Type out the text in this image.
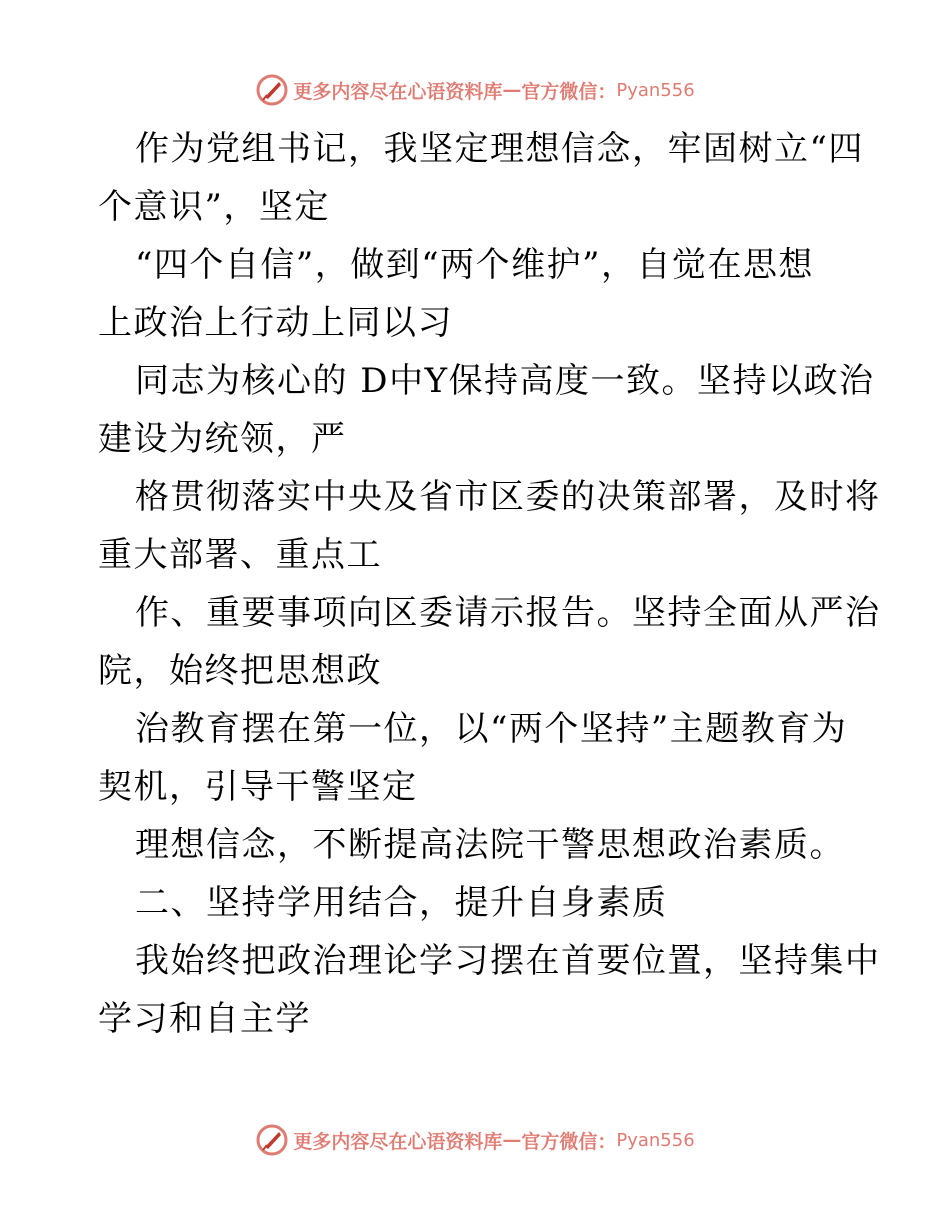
更多内容尽在心语资料库 — 官方微信： Pyan556
作为党组书记，我坚定理想信念，牢固树立“四
个意识”，坚定
“四个自信”，做到“两个维护”，自觉在思想
上政治上行动上同以习
同志为核心的 D中Y保持高度一致。坚持以政治
建设为统领，严
格贯彻落实中央及省市区委的决策部署，及时将
重大部署、重点工
作、重要事项向区委请示报告。坚持全面从严治
院，始终把思想政
治教育摆在第一位，以“两个坚持”主题教育为
契机，引导干警坚定
理想信念，不断提高法院干警思想政治素质。
二、坚持学用结合，提升自身素质
我始终把政治理论学习摆在首要位置，坚持集中
学习和自主学
更多内容尽在心语资料库 — 官方微信： Pyan556
